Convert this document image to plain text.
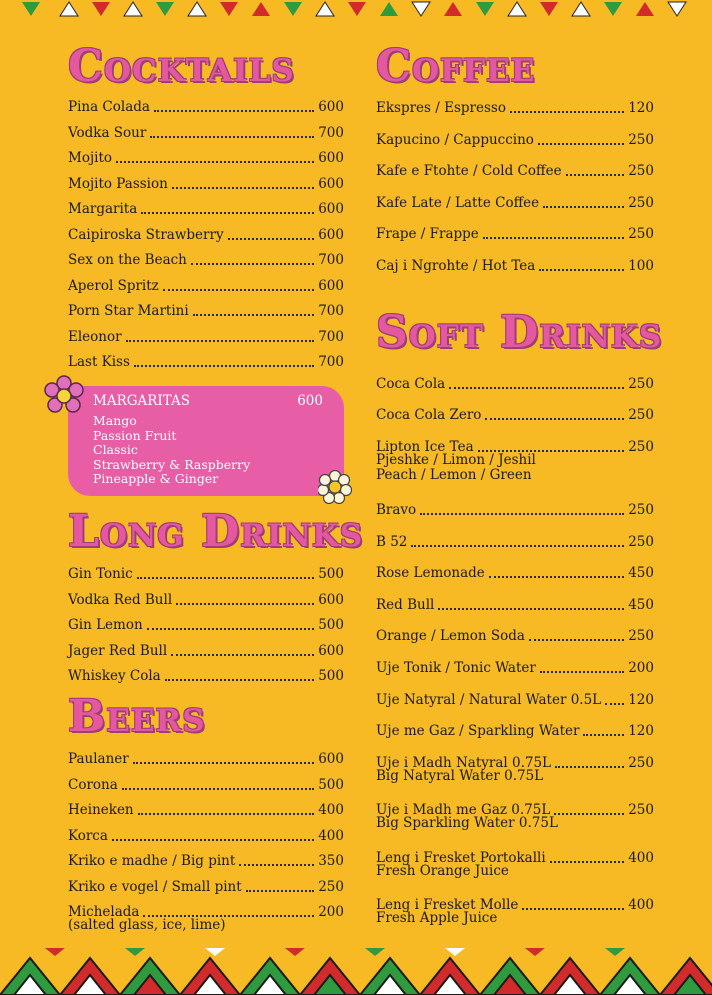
Cocktails
Pina Colada	600
Vodka Sour	700
Mojito	600
Mojito Passion	600
Margarita	600
Caipiroska Strawberry	600
Sex on the Beach	700
Aperol Spritz	600
Porn Star Martini	700
Eleonor	700
Last Kiss	700
Long Drinks
Gin Tonic	500
Vodka Red Bull	600
Gin Lemon	500
Jager Red Bull	600
Whiskey Cola	500
Beers
Paulaner	600
Corona	500
Heineken	400
Korca	400
Kriko e madhe / Big pint	350
Kriko e vogel / Small pint	250
Michelada	200
(salted glass, ice, lime)
MARGARITAS	600
Mango
Passion Fruit
Classic
Strawberry & Raspberry
Pineapple & Ginger
Coffee
Ekspres / Espresso	120
Kapucino / Cappuccino	250
Kafe e Ftohte / Cold Coffee	250
Kafe Late / Latte Coffee	250
Frape / Frappe	250
Caj i Ngrohte / Hot Tea	100
Soft Drinks
Coca Cola	250
Coca Cola Zero	250
Lipton Ice Tea	250
Pjeshke / Limon / Jeshil
Peach / Lemon / Green
Bravo	250
B 52	250
Rose Lemonade	450
Red Bull	450
Orange / Lemon Soda	250
Uje Tonik / Tonic Water	200
Uje Natyral / Natural Water 0.5L 120
Uje me Gaz / Sparkling Water	120
Uje i Madh Natyral 0.75L	250
Big Natyral Water 0.75L
Uje i Madh me Gaz 0.75L	250
Big Sparkling Water 0.75L
Leng i Fresket Portokalli	400
Fresh Orange Juice
Leng i Fresket Molle	400
Fresh Apple Juice
